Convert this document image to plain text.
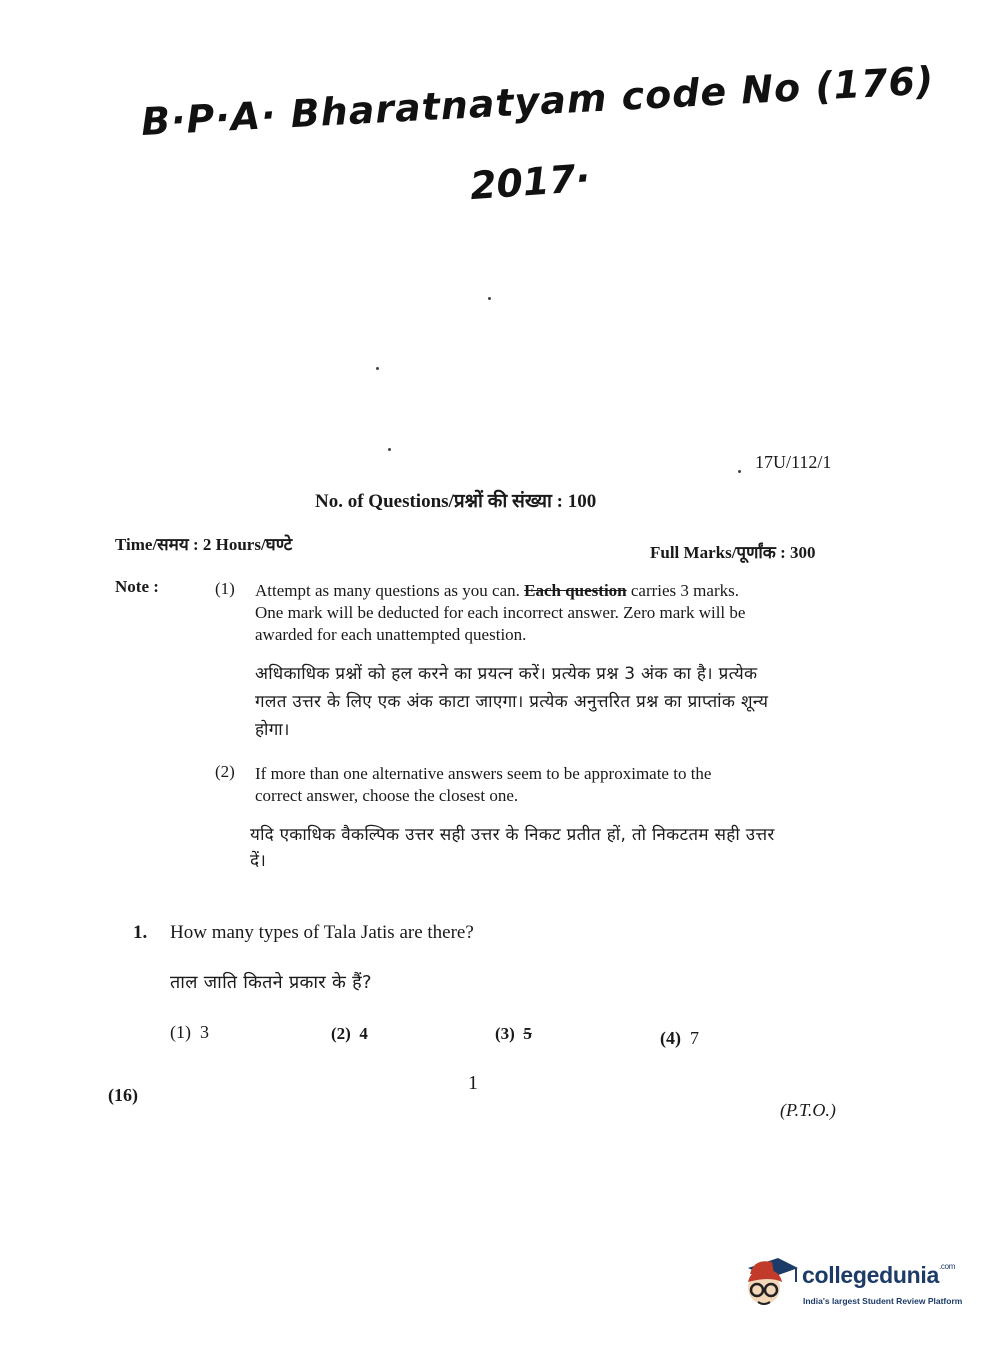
B·P·A· Bharatnatyam code No (176)
2017·
17U/112/1
No. of Questions/प्रश्नों की संख्या : 100
Time/समय : 2 Hours/घण्टे	Full Marks/पूर्णांक : 300
Note :	(1) Attempt as many questions as you can. Each question carries 3 marks.
One mark will be deducted for each incorrect answer. Zero mark will be
awarded for each unattempted question.
अधिकाधिक प्रश्नों को हल करने का प्रयत्न करें। प्रत्येक प्रश्न 3 अंक का है। प्रत्येक
गलत उत्तर के लिए एक अंक काटा जाएगा। प्रत्येक अनुत्तरित प्रश्न का प्राप्तांक शून्य
होगा।
(2) If more than one alternative answers seem to be approximate to the
correct answer, choose the closest one.
यदि एकाधिक वैकल्पिक उत्तर सही उत्तर के निकट प्रतीत हों, तो निकटतम सही उत्तर
दें।
1. How many types of Tala Jatis are there?
ताल जाति कितने प्रकार के हैं?
(1) 3	(2) 4	(3) 5	(4) 7
(16)
1
(P.T.O.)
collegedunia$^{.com}$
India's largest Student Review Platform
